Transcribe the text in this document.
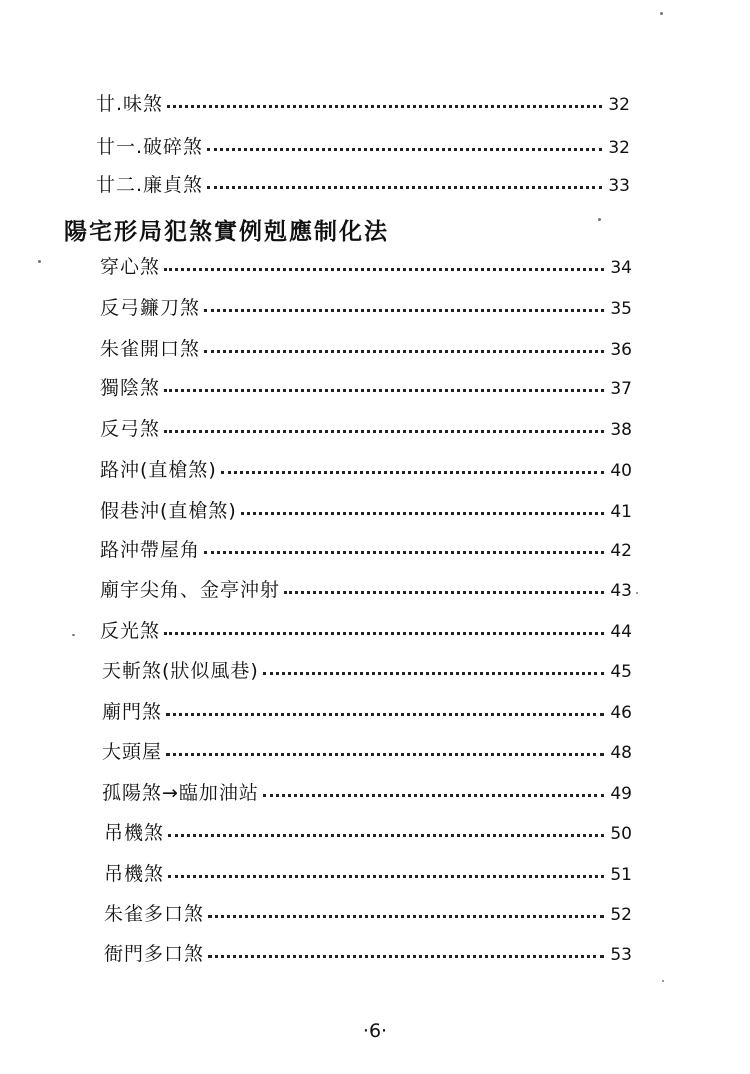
廿.味煞	32
廿一.破碎煞	32
廿二.廉貞煞	33
陽宅形局犯煞實例剋應制化法
穿心煞	34
反弓鐮刀煞	35
朱雀開口煞	36
獨陰煞	37
反弓煞	38
路沖(直槍煞)	40
假巷沖(直槍煞)	41
路沖帶屋角	42
廟宇尖角、金亭沖射	43
反光煞	44
天斬煞(狀似風巷)	45
廟門煞	46
大頭屋	48
孤陽煞→臨加油站	49
吊機煞	50
吊機煞	51
朱雀多口煞	52
衙門多口煞	53
·6·
